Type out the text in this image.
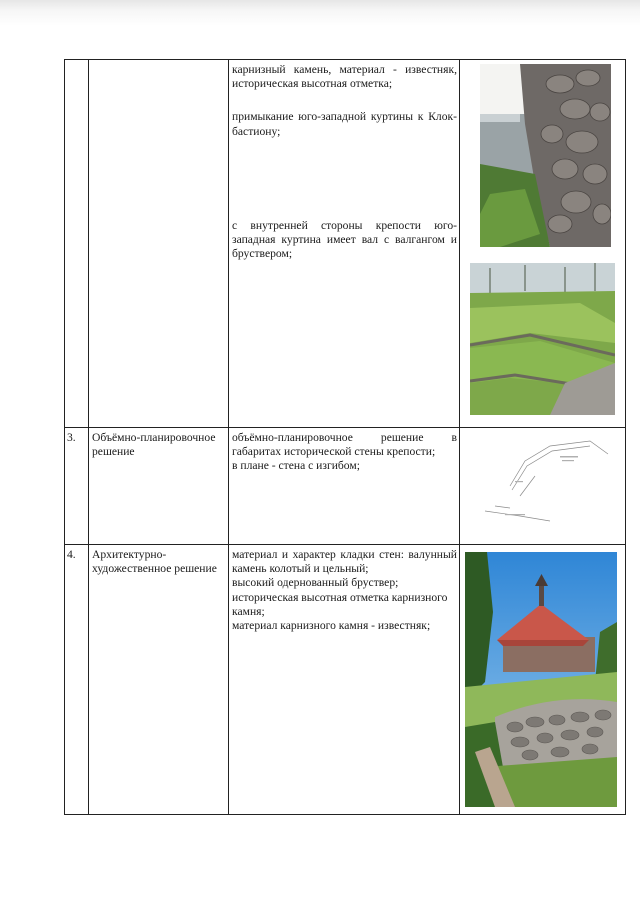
		карнизный камень, материал - известняк, историческая высотная отметка;

примыкание юго-западной куртины к Клок-бастиону;

с внутренней стороны крепости юго-западная куртина имеет вал с валгангом и бруствером;

3.	Объёмно-планировочное решение	объёмно-планировочное решение в габаритах исторической стены крепости;

в плане - стена с изгибом;

4.	Архитектурно-художественное решение	материал и характер кладки стен: валунный камень колотый и цельный;

высокий одернованный бруствер;

историческая высотная отметка карнизного камня;

материал карнизного камня - известняк;
